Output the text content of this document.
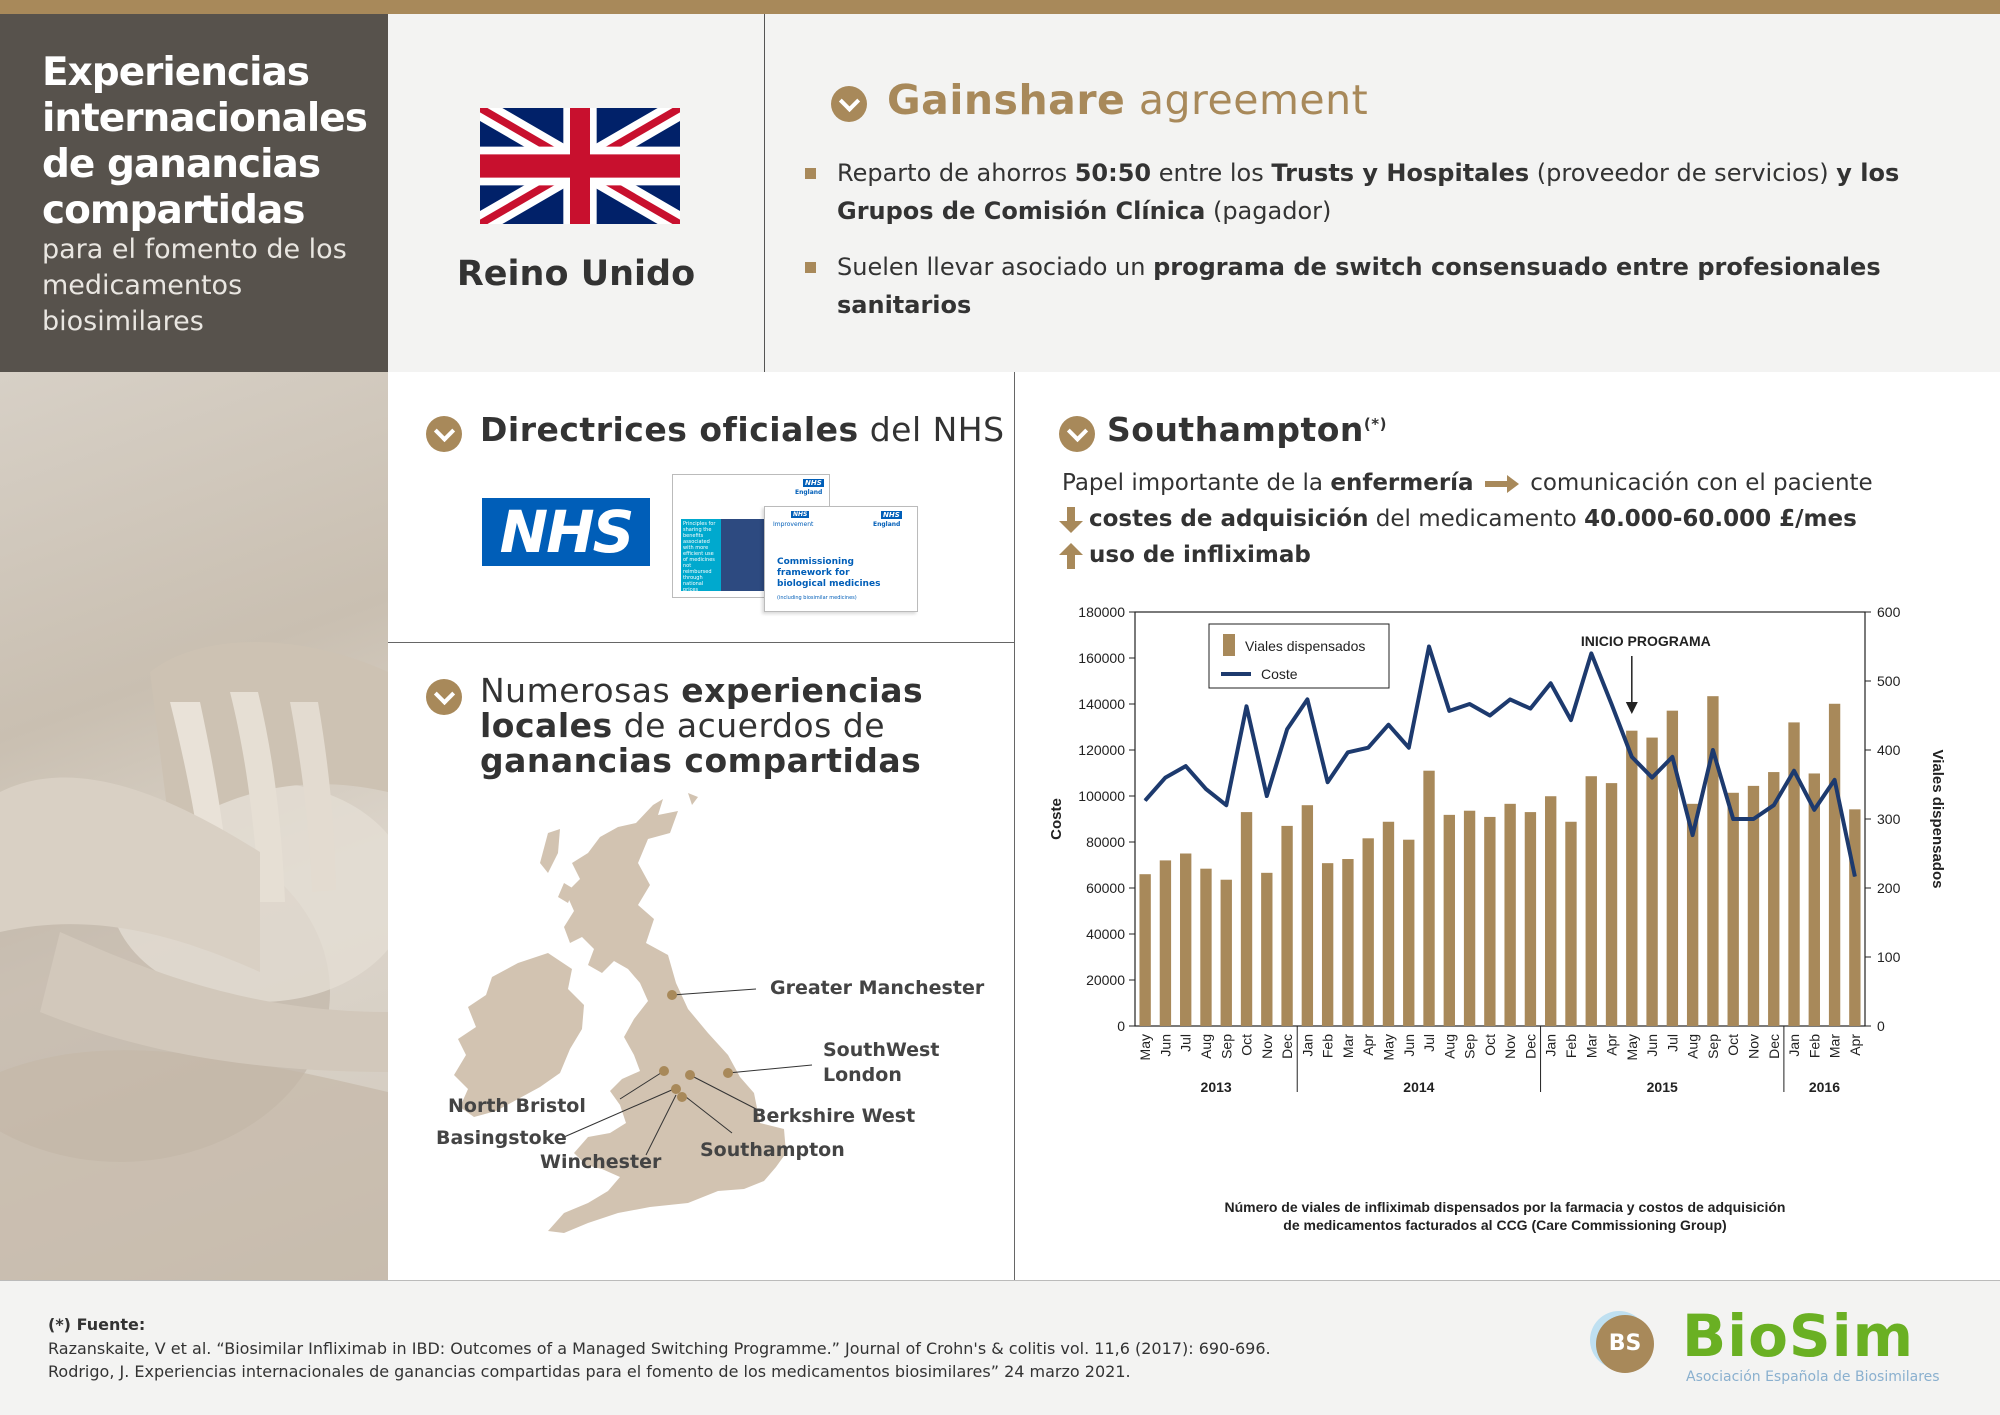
Experiencias internacionales de ganancias compartidas
para el fomento de los medicamentos biosimilares
Reino Unido
Gainshare agreement
Reparto de ahorros 50:50 entre los Trusts y Hospitales (proveedor de servicios) y los Grupos de Comisión Clínica (pagador)
Suelen llevar asociado un programa de switch consensuado entre profesionales sanitarios
Directrices oficiales del NHS
NHS	Principles for sharing the benefits associated with more efficient use of medicines not reimbursed through national prices
NHS
England
NHS
Improvement
NHS
England
Commissioning framework for biological medicines
(including biosimilar medicines)
Numerosas experiencias
locales de acuerdos de
ganancias compartidas
Greater Manchester
SouthWest London
North Bristol	Berkshire West
Basingstoke
Southampton
Winchester
Southampton(*)
Papel importante de la enfermería comunicación con el paciente
costes de adquisición del medicamento 40.000-60.000 £/mes
uso de infliximab
0
20000
40000
60000
80000
100000
120000
140000
160000
180000
0
100
200
300
400
500
600
Coste	Viales dispensados
May Jun Jul Aug Sep Oct Nov Dec Jan Feb Mar Apr May Jun Jul Aug Sep Oct Nov Dec Jan Feb Mar Apr May Jun Jul Aug Sep Oct Nov Dec Jan Feb Mar Apr
2013	2014	2015	2016
Viales dispensados
Coste
INICIO PROGRAMA
Número de viales de infliximab dispensados por la farmacia y costos de adquisición
de medicamentos facturados al CCG (Care Commissioning Group)
(*) Fuente:
Razanskaite, V et al. “Biosimilar Infliximab in IBD: Outcomes of a Managed Switching Programme.” Journal of Crohn's & colitis vol. 11,6 (2017): 690-696.
Rodrigo, J. Experiencias internacionales de ganancias compartidas para el fomento de los medicamentos biosimilares” 24 marzo 2021.
BS BioSim
Asociación Española de Biosimilares
